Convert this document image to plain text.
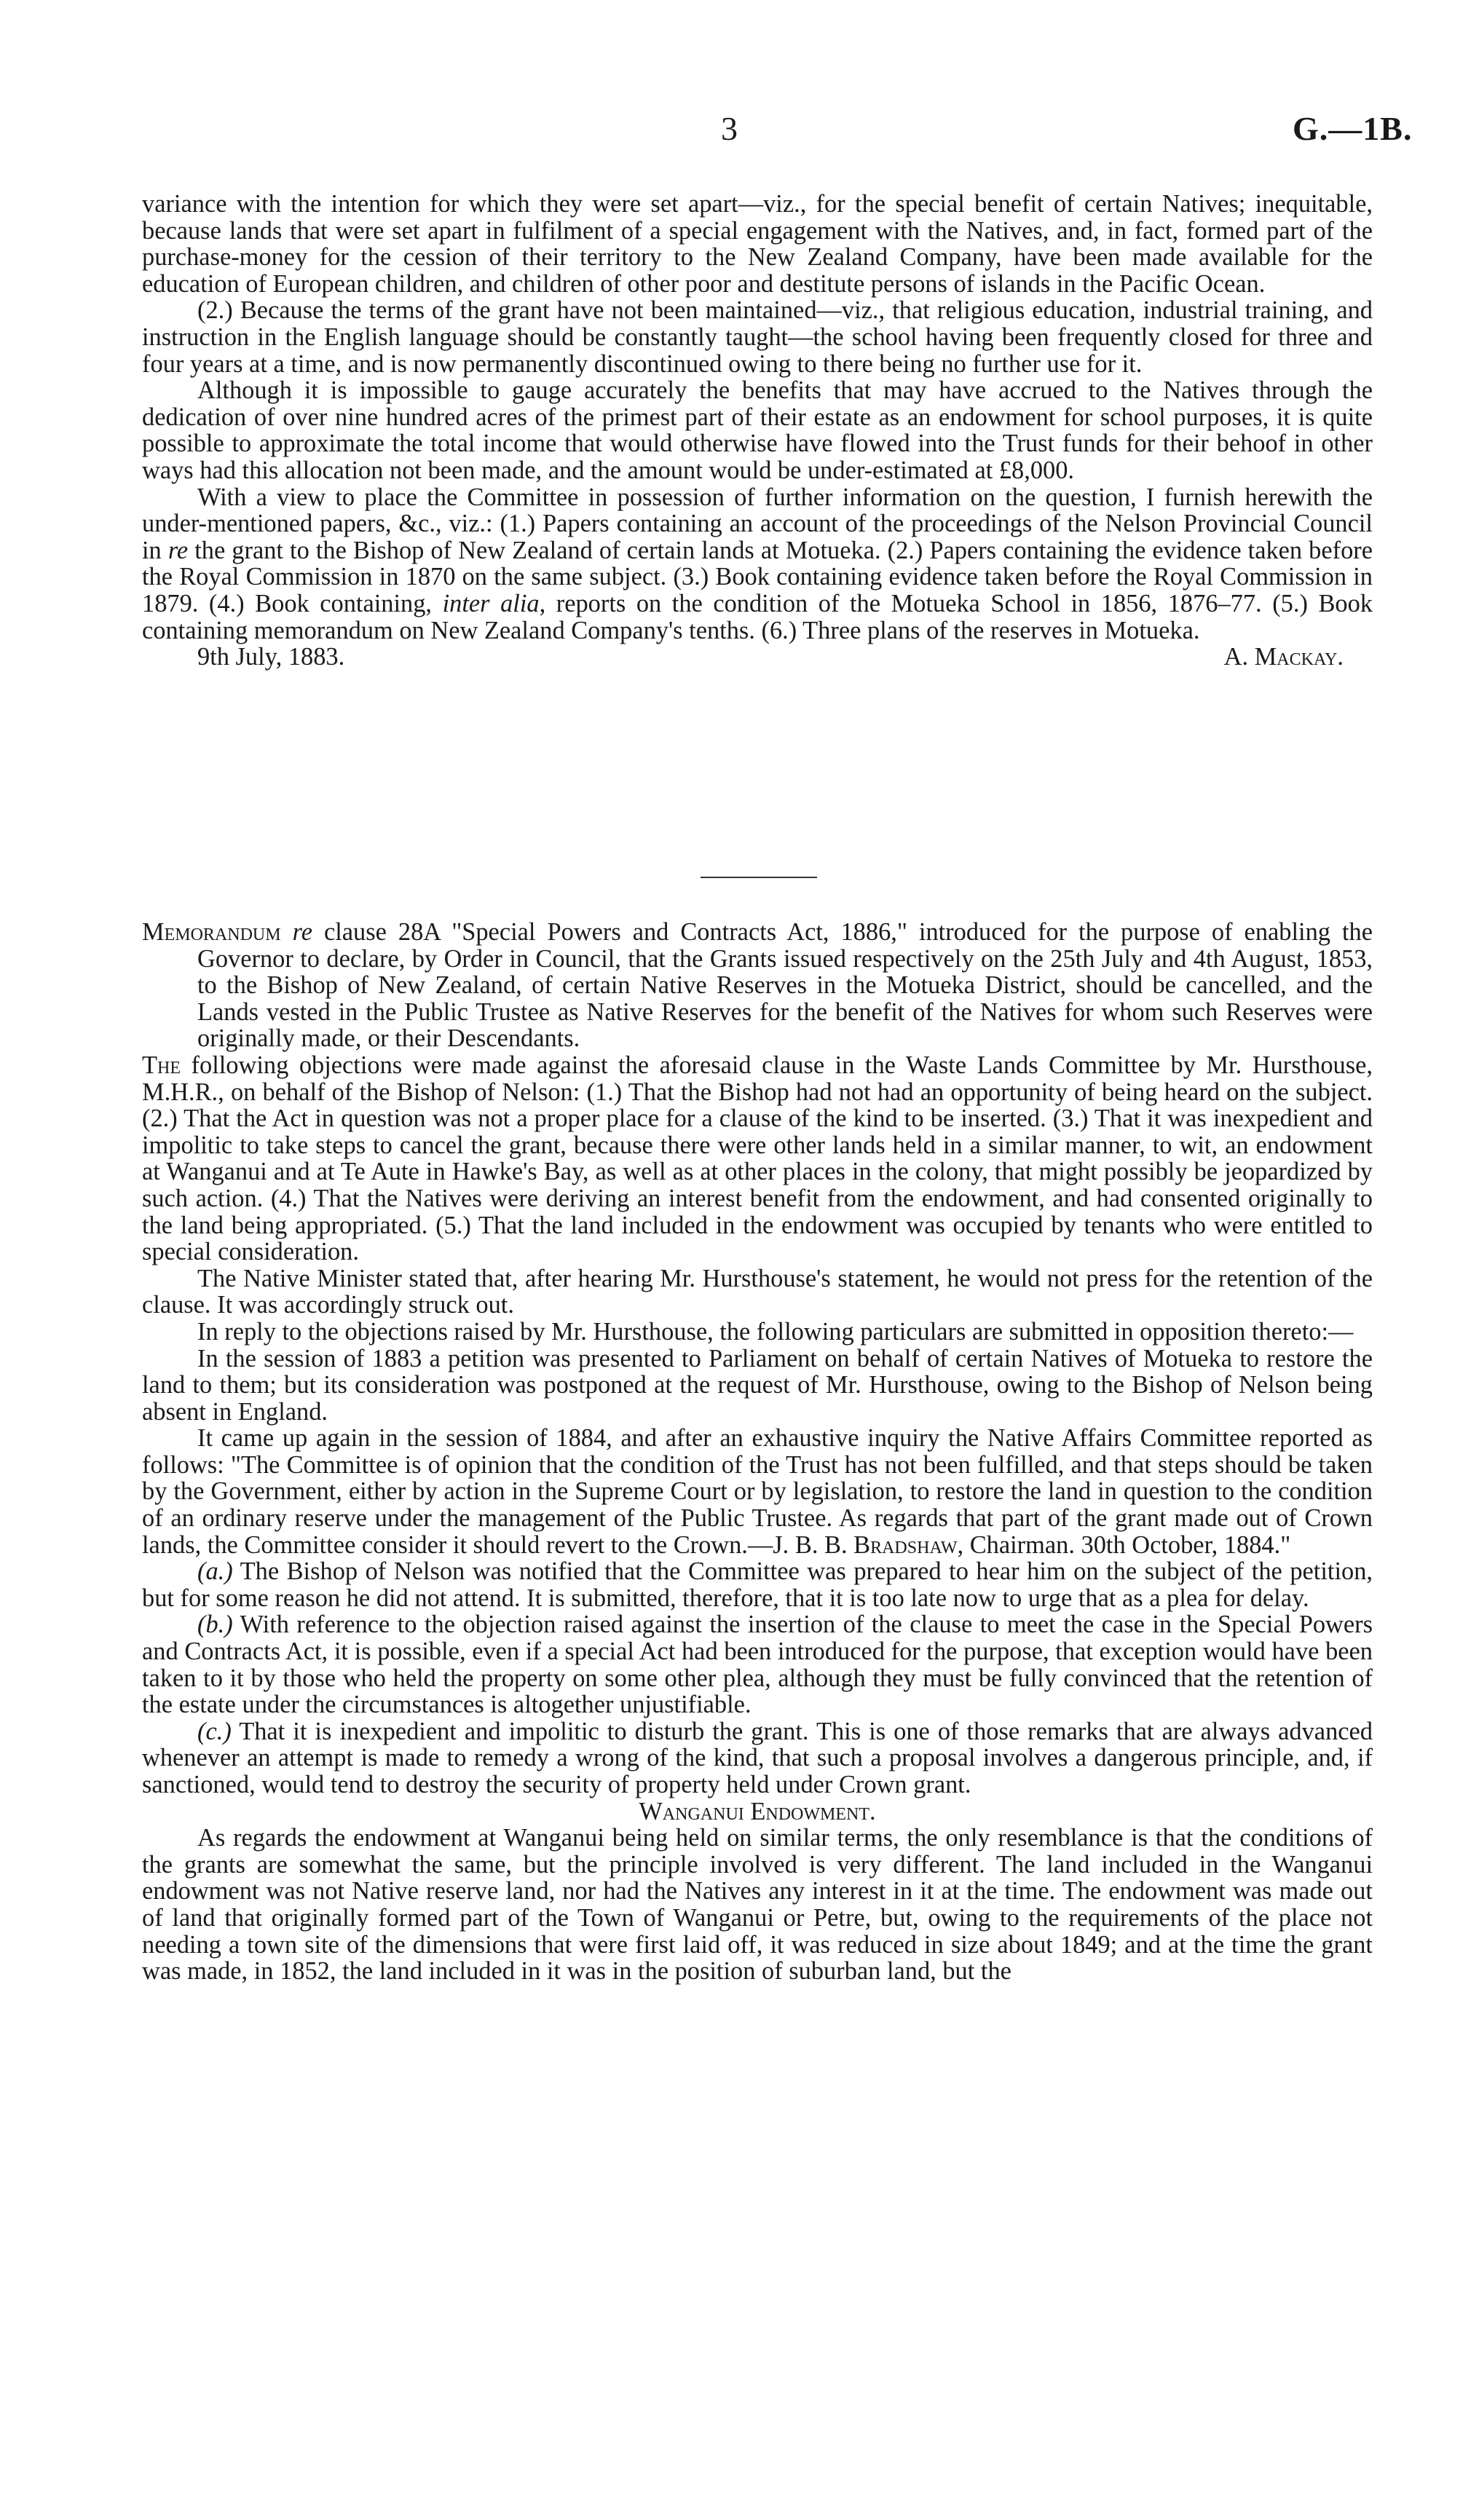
3	G.—1B.

variance with the intention for which they were set apart—viz., for the special benefit of certain Natives; inequitable, because lands that were set apart in fulfilment of a special engagement with the Natives, and, in fact, formed part of the purchase-money for the cession of their territory to the New Zealand Company, have been made available for the education of European children, and children of other poor and destitute persons of islands in the Pacific Ocean.

(2.) Because the terms of the grant have not been maintained—viz., that religious education, industrial training, and instruction in the English language should be constantly taught—the school having been frequently closed for three and four years at a time, and is now permanently discontinued owing to there being no further use for it.

Although it is impossible to gauge accurately the benefits that may have accrued to the Natives through the dedication of over nine hundred acres of the primest part of their estate as an endowment for school purposes, it is quite possible to approximate the total income that would otherwise have flowed into the Trust funds for their behoof in other ways had this allocation not been made, and the amount would be under-estimated at £8,000.

With a view to place the Committee in possession of further information on the question, I furnish herewith the under-mentioned papers, &c., viz.: (1.) Papers containing an account of the proceedings of the Nelson Provincial Council in re the grant to the Bishop of New Zealand of certain lands at Motueka. (2.) Papers containing the evidence taken before the Royal Commission in 1870 on the same subject. (3.) Book containing evidence taken before the Royal Commission in 1879. (4.) Book containing, inter alia, reports on the condition of the Motueka School in 1856, 1876–77. (5.) Book containing memorandum on New Zealand Company's tenths. (6.) Three plans of the reserves in Motueka.

9th July, 1883.	A. Mackay.

Memorandum re clause 28A "Special Powers and Contracts Act, 1886," introduced for the purpose of enabling the Governor to declare, by Order in Council, that the Grants issued respectively on the 25th July and 4th August, 1853, to the Bishop of New Zealand, of certain Native Reserves in the Motueka District, should be cancelled, and the Lands vested in the Public Trustee as Native Reserves for the benefit of the Natives for whom such Reserves were originally made, or their Descendants.

The following objections were made against the aforesaid clause in the Waste Lands Committee by Mr. Hursthouse, M.H.R., on behalf of the Bishop of Nelson: (1.) That the Bishop had not had an opportunity of being heard on the subject. (2.) That the Act in question was not a proper place for a clause of the kind to be inserted. (3.) That it was inexpedient and impolitic to take steps to cancel the grant, because there were other lands held in a similar manner, to wit, an endowment at Wanganui and at Te Aute in Hawke's Bay, as well as at other places in the colony, that might possibly be jeopardized by such action. (4.) That the Natives were deriving an interest benefit from the endowment, and had consented originally to the land being appropriated. (5.) That the land included in the endowment was occupied by tenants who were entitled to special consideration.

The Native Minister stated that, after hearing Mr. Hursthouse's statement, he would not press for the retention of the clause. It was accordingly struck out.

In reply to the objections raised by Mr. Hursthouse, the following particulars are submitted in opposition thereto:—

In the session of 1883 a petition was presented to Parliament on behalf of certain Natives of Motueka to restore the land to them; but its consideration was postponed at the request of Mr. Hursthouse, owing to the Bishop of Nelson being absent in England.

It came up again in the session of 1884, and after an exhaustive inquiry the Native Affairs Committee reported as follows: "The Committee is of opinion that the condition of the Trust has not been fulfilled, and that steps should be taken by the Government, either by action in the Supreme Court or by legislation, to restore the land in question to the condition of an ordinary reserve under the management of the Public Trustee. As regards that part of the grant made out of Crown lands, the Committee consider it should revert to the Crown.—J. B. B. Bradshaw, Chairman. 30th October, 1884."

(a.) The Bishop of Nelson was notified that the Committee was prepared to hear him on the subject of the petition, but for some reason he did not attend. It is submitted, therefore, that it is too late now to urge that as a plea for delay.

(b.) With reference to the objection raised against the insertion of the clause to meet the case in the Special Powers and Contracts Act, it is possible, even if a special Act had been introduced for the purpose, that exception would have been taken to it by those who held the property on some other plea, although they must be fully convinced that the retention of the estate under the circumstances is altogether unjustifiable.

(c.) That it is inexpedient and impolitic to disturb the grant. This is one of those remarks that are always advanced whenever an attempt is made to remedy a wrong of the kind, that such a proposal involves a dangerous principle, and, if sanctioned, would tend to destroy the security of property held under Crown grant.

Wanganui Endowment.

As regards the endowment at Wanganui being held on similar terms, the only resemblance is that the conditions of the grants are somewhat the same, but the principle involved is very different. The land included in the Wanganui endowment was not Native reserve land, nor had the Natives any interest in it at the time. The endowment was made out of land that originally formed part of the Town of Wanganui or Petre, but, owing to the requirements of the place not needing a town site of the dimensions that were first laid off, it was reduced in size about 1849; and at the time the grant was made, in 1852, the land included in it was in the position of suburban land, but the
